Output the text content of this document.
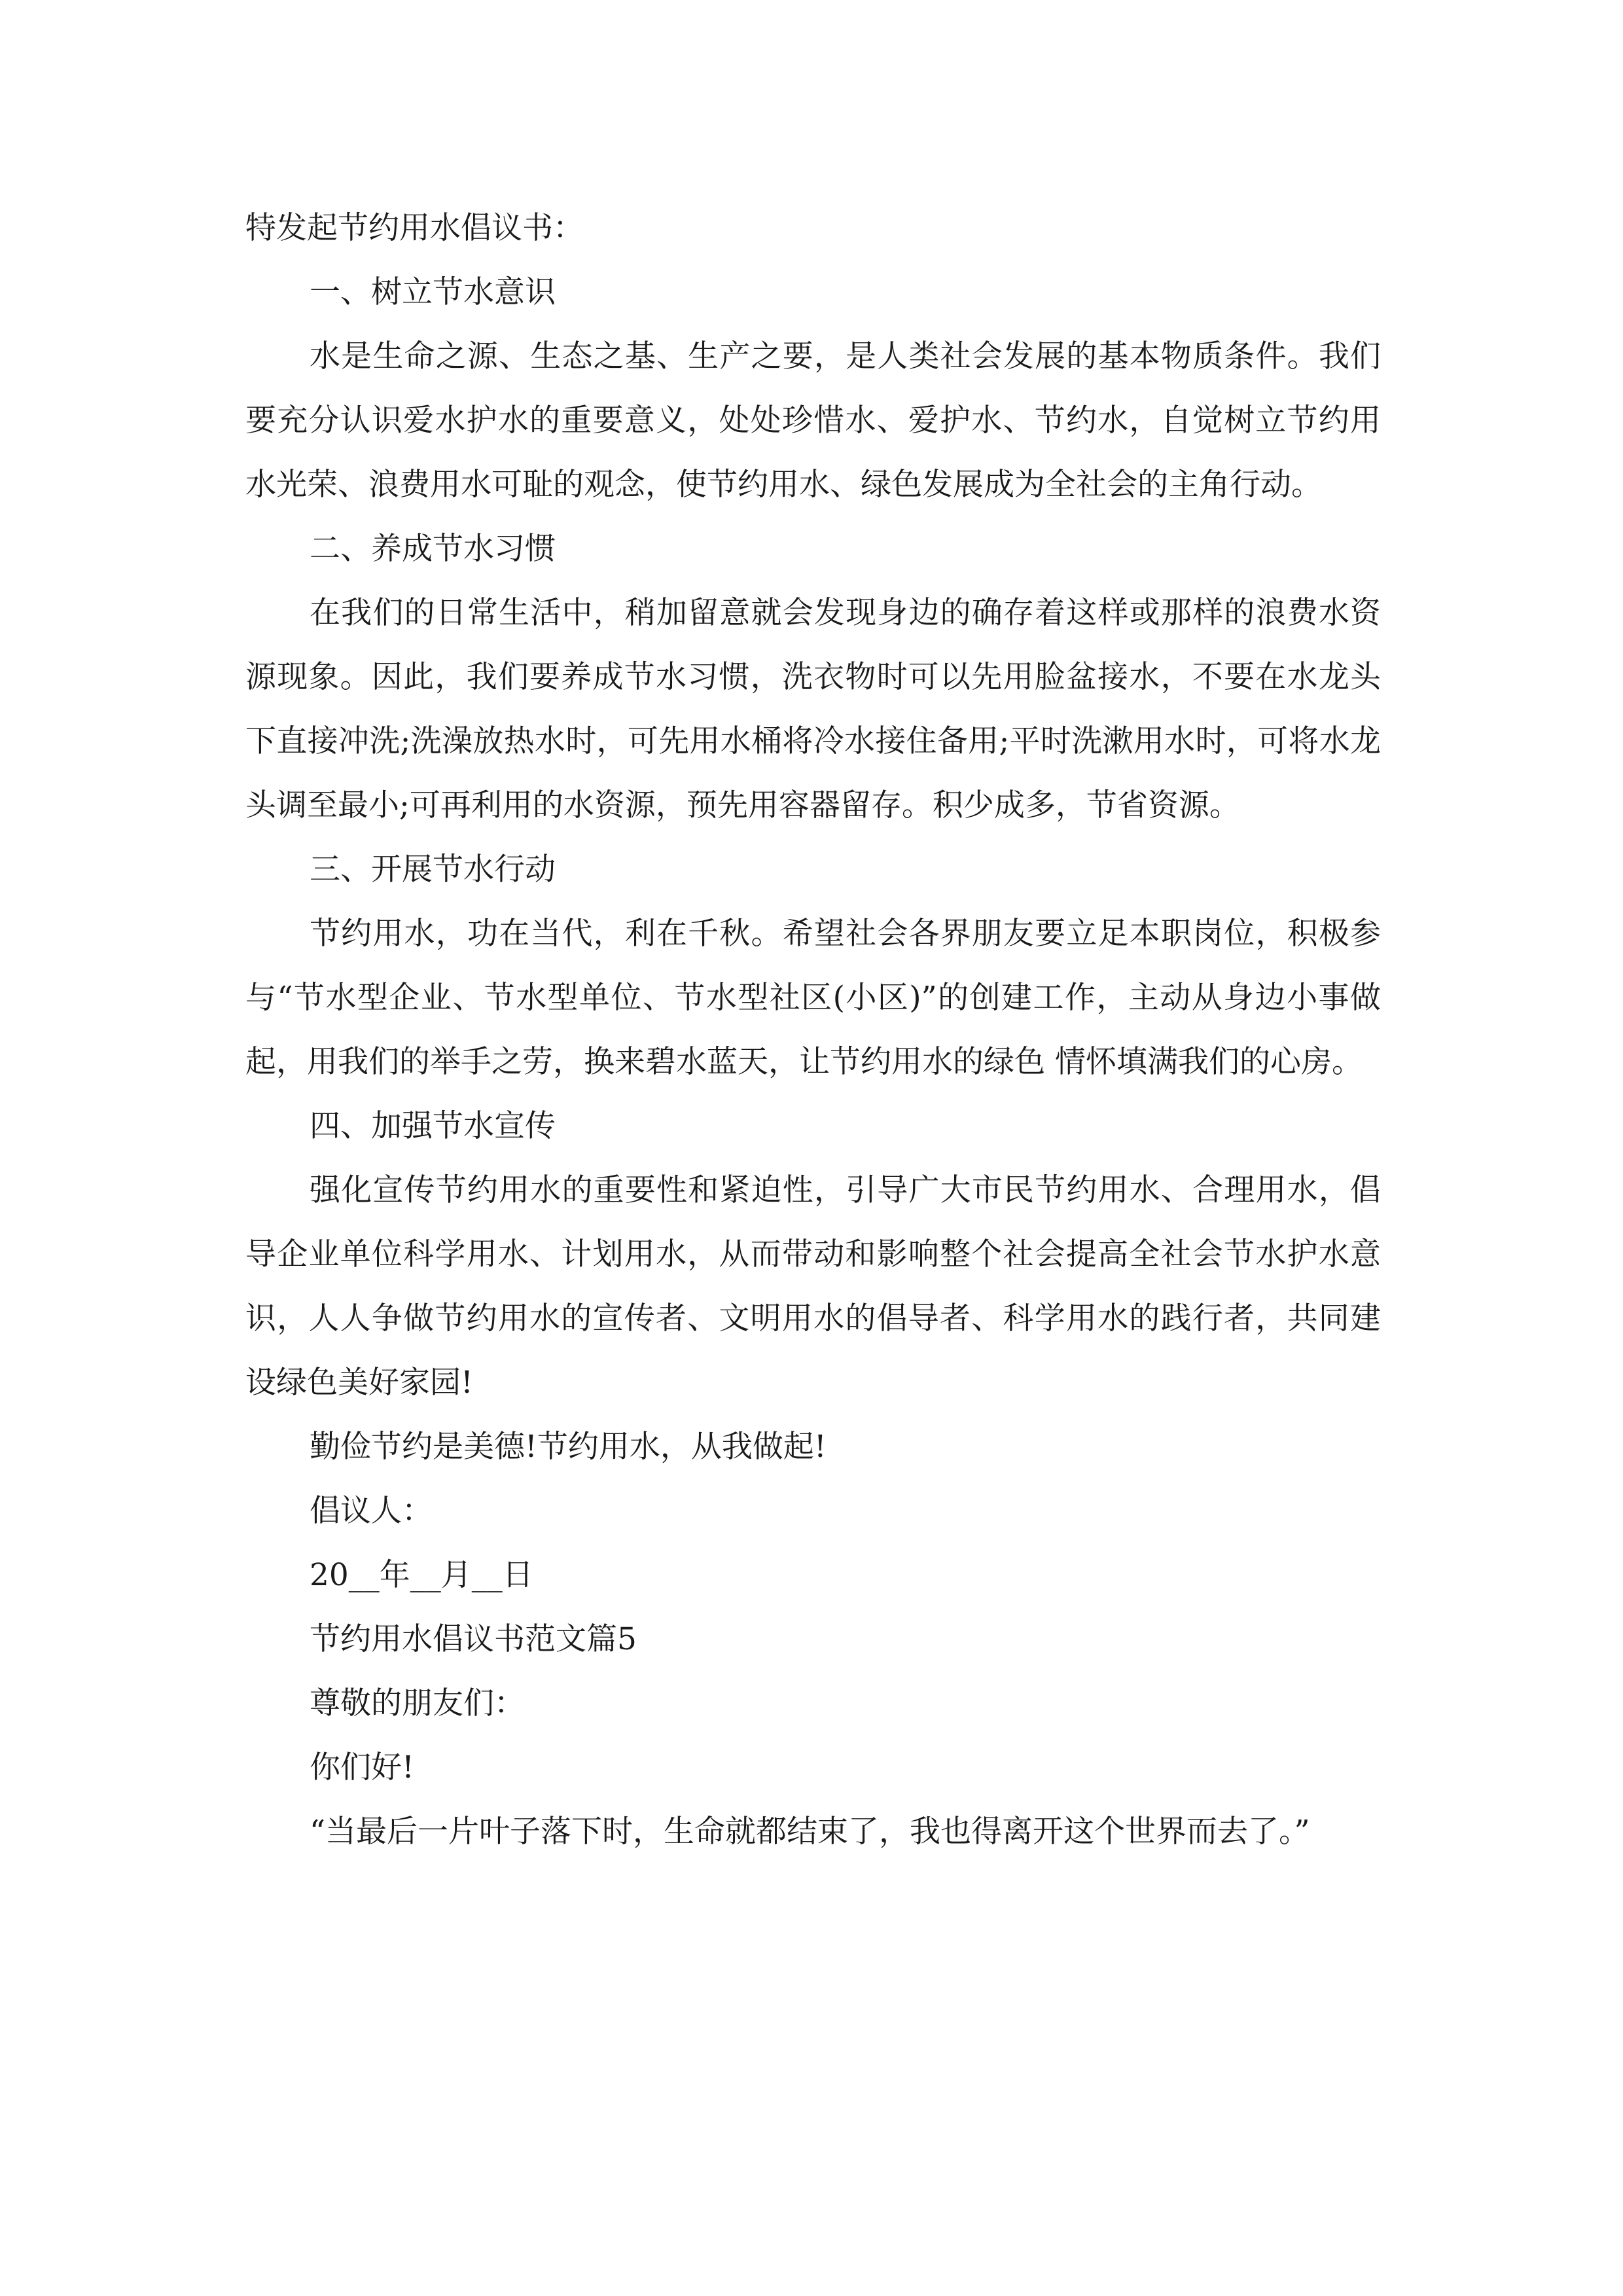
特发起节约用水倡议书：

一、树立节水意识

水是生命之源、生态之基、生产之要，是人类社会发展的基本物质条件。我们要充分认识爱水护水的重要意义，处处珍惜水、爱护水、节约水，自觉树立节约用水光荣、浪费用水可耻的观念，使节约用水、绿色发展成为全社会的主角行动。

二、养成节水习惯

在我们的日常生活中，稍加留意就会发现身边的确存着这样或那样的浪费水资源现象。因此，我们要养成节水习惯，洗衣物时可以先用脸盆接水，不要在水龙头下直接冲洗;洗澡放热水时，可先用水桶将冷水接住备用;平时洗漱用水时，可将水龙头调至最小;可再利用的水资源，预先用容器留存。积少成多，节省资源。

三、开展节水行动

节约用水，功在当代，利在千秋。希望社会各界朋友要立足本职岗位，积极参与“节水型企业、节水型单位、节水型社区(小区)”的创建工作，主动从身边小事做起，用我们的举手之劳，换来碧水蓝天，让节约用水的绿色 情怀填满我们的心房。

四、加强节水宣传

强化宣传节约用水的重要性和紧迫性，引导广大市民节约用水、合理用水，倡导企业单位科学用水、计划用水，从而带动和影响整个社会提高全社会节水护水意识，人人争做节约用水的宣传者、文明用水的倡导者、科学用水的践行者，共同建设绿色美好家园!

勤俭节约是美德!节约用水，从我做起!

倡议人：

20__年__月__日

节约用水倡议书范文篇5

尊敬的朋友们：

你们好!

“当最后一片叶子落下时，生命就都结束了，我也得离开这个世界而去了。”
